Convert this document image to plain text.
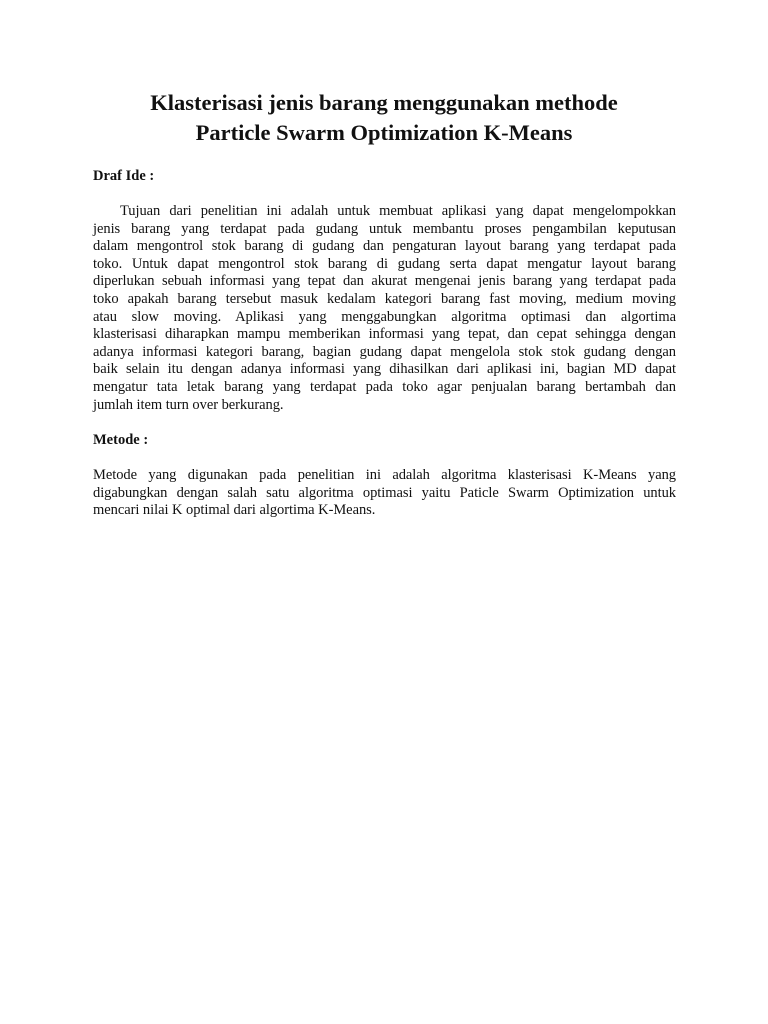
Klasterisasi jenis barang menggunakan methode
Particle Swarm Optimization K-Means
Draf Ide :

Tujuan dari penelitian ini adalah untuk membuat aplikasi yang dapat mengelompokkan
jenis barang yang terdapat pada gudang untuk membantu proses pengambilan keputusan
dalam mengontrol stok barang di gudang dan pengaturan layout barang yang terdapat pada
toko. Untuk dapat mengontrol stok barang di gudang serta dapat mengatur layout barang
diperlukan sebuah informasi yang tepat dan akurat mengenai jenis barang yang terdapat pada
toko apakah barang tersebut masuk kedalam kategori barang fast moving, medium moving
atau slow moving. Aplikasi yang menggabungkan algoritma optimasi dan algortima
klasterisasi diharapkan mampu memberikan informasi yang tepat, dan cepat sehingga dengan
adanya informasi kategori barang, bagian gudang dapat mengelola stok stok gudang dengan
baik selain itu dengan adanya informasi yang dihasilkan dari aplikasi ini, bagian MD dapat
mengatur tata letak barang yang terdapat pada toko agar penjualan barang bertambah dan
jumlah item turn over berkurang.

Metode :

Metode yang digunakan pada penelitian ini adalah algoritma klasterisasi K-Means yang
digabungkan dengan salah satu algoritma optimasi yaitu Paticle Swarm Optimization untuk
mencari nilai K optimal dari algortima K-Means.
